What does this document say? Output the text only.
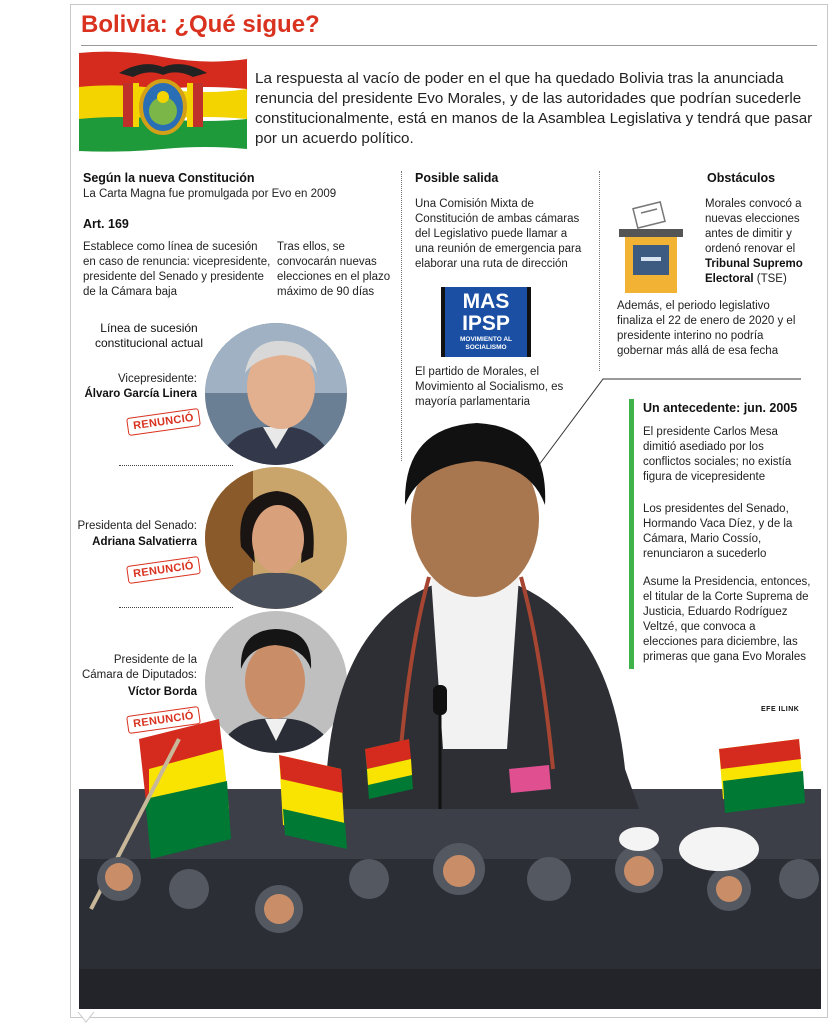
Bolivia: ¿Qué sigue?
La respuesta al vacío de poder en el que ha quedado Bolivia tras la anunciada renuncia del presidente Evo Morales, y de las autoridades que podrían sucederle constitucionalmente, está en manos de la Asamblea Legislativa y tendrá que pasar por un acuerdo político.
Según la nueva Constitución
La Carta Magna fue promulgada por Evo en 2009
Art. 169
Establece como línea de sucesión en caso de renuncia: vicepresidente, presidente del Senado y presidente de la Cámara baja
Tras ellos, se convocarán nuevas elecciones en el plazo máximo de 90 días
Línea de sucesión constitucional actual
Vicepresidente:
Álvaro García Linera
RENUNCIÓ
Presidenta del Senado:
Adriana Salvatierra
RENUNCIÓ
Presidente de la Cámara de Diputados:
Víctor Borda
RENUNCIÓ
Posible salida
Una Comisión Mixta de Constitución de ambas cámaras del Legislativo puede llamar a una reunión de emergencia para elaborar una ruta de dirección
MAS
IPSP
MOVIMIENTO AL SOCIALISMO
El partido de Morales, el Movimiento al Socialismo, es mayoría parlamentaria
Obstáculos
Morales convocó a nuevas elecciones antes de dimitir y ordenó renovar el Tribunal Supremo Electoral (TSE)
Además, el periodo legislativo finaliza el 22 de enero de 2020 y el presidente interino no podría gobernar más allá de esa fecha
Un antecedente: jun. 2005
El presidente Carlos Mesa dimitió asediado por los conflictos sociales; no existía figura de vicepresidente
Los presidentes del Senado, Hormando Vaca Díez, y de la Cámara, Mario Cossío, renunciaron a sucederlo
Asume la Presidencia, entonces, el titular de la Corte Suprema de Justicia, Eduardo Rodríguez Veltzé, que convoca a elecciones para diciembre, las primeras que gana Evo Morales
EFE ILINK
